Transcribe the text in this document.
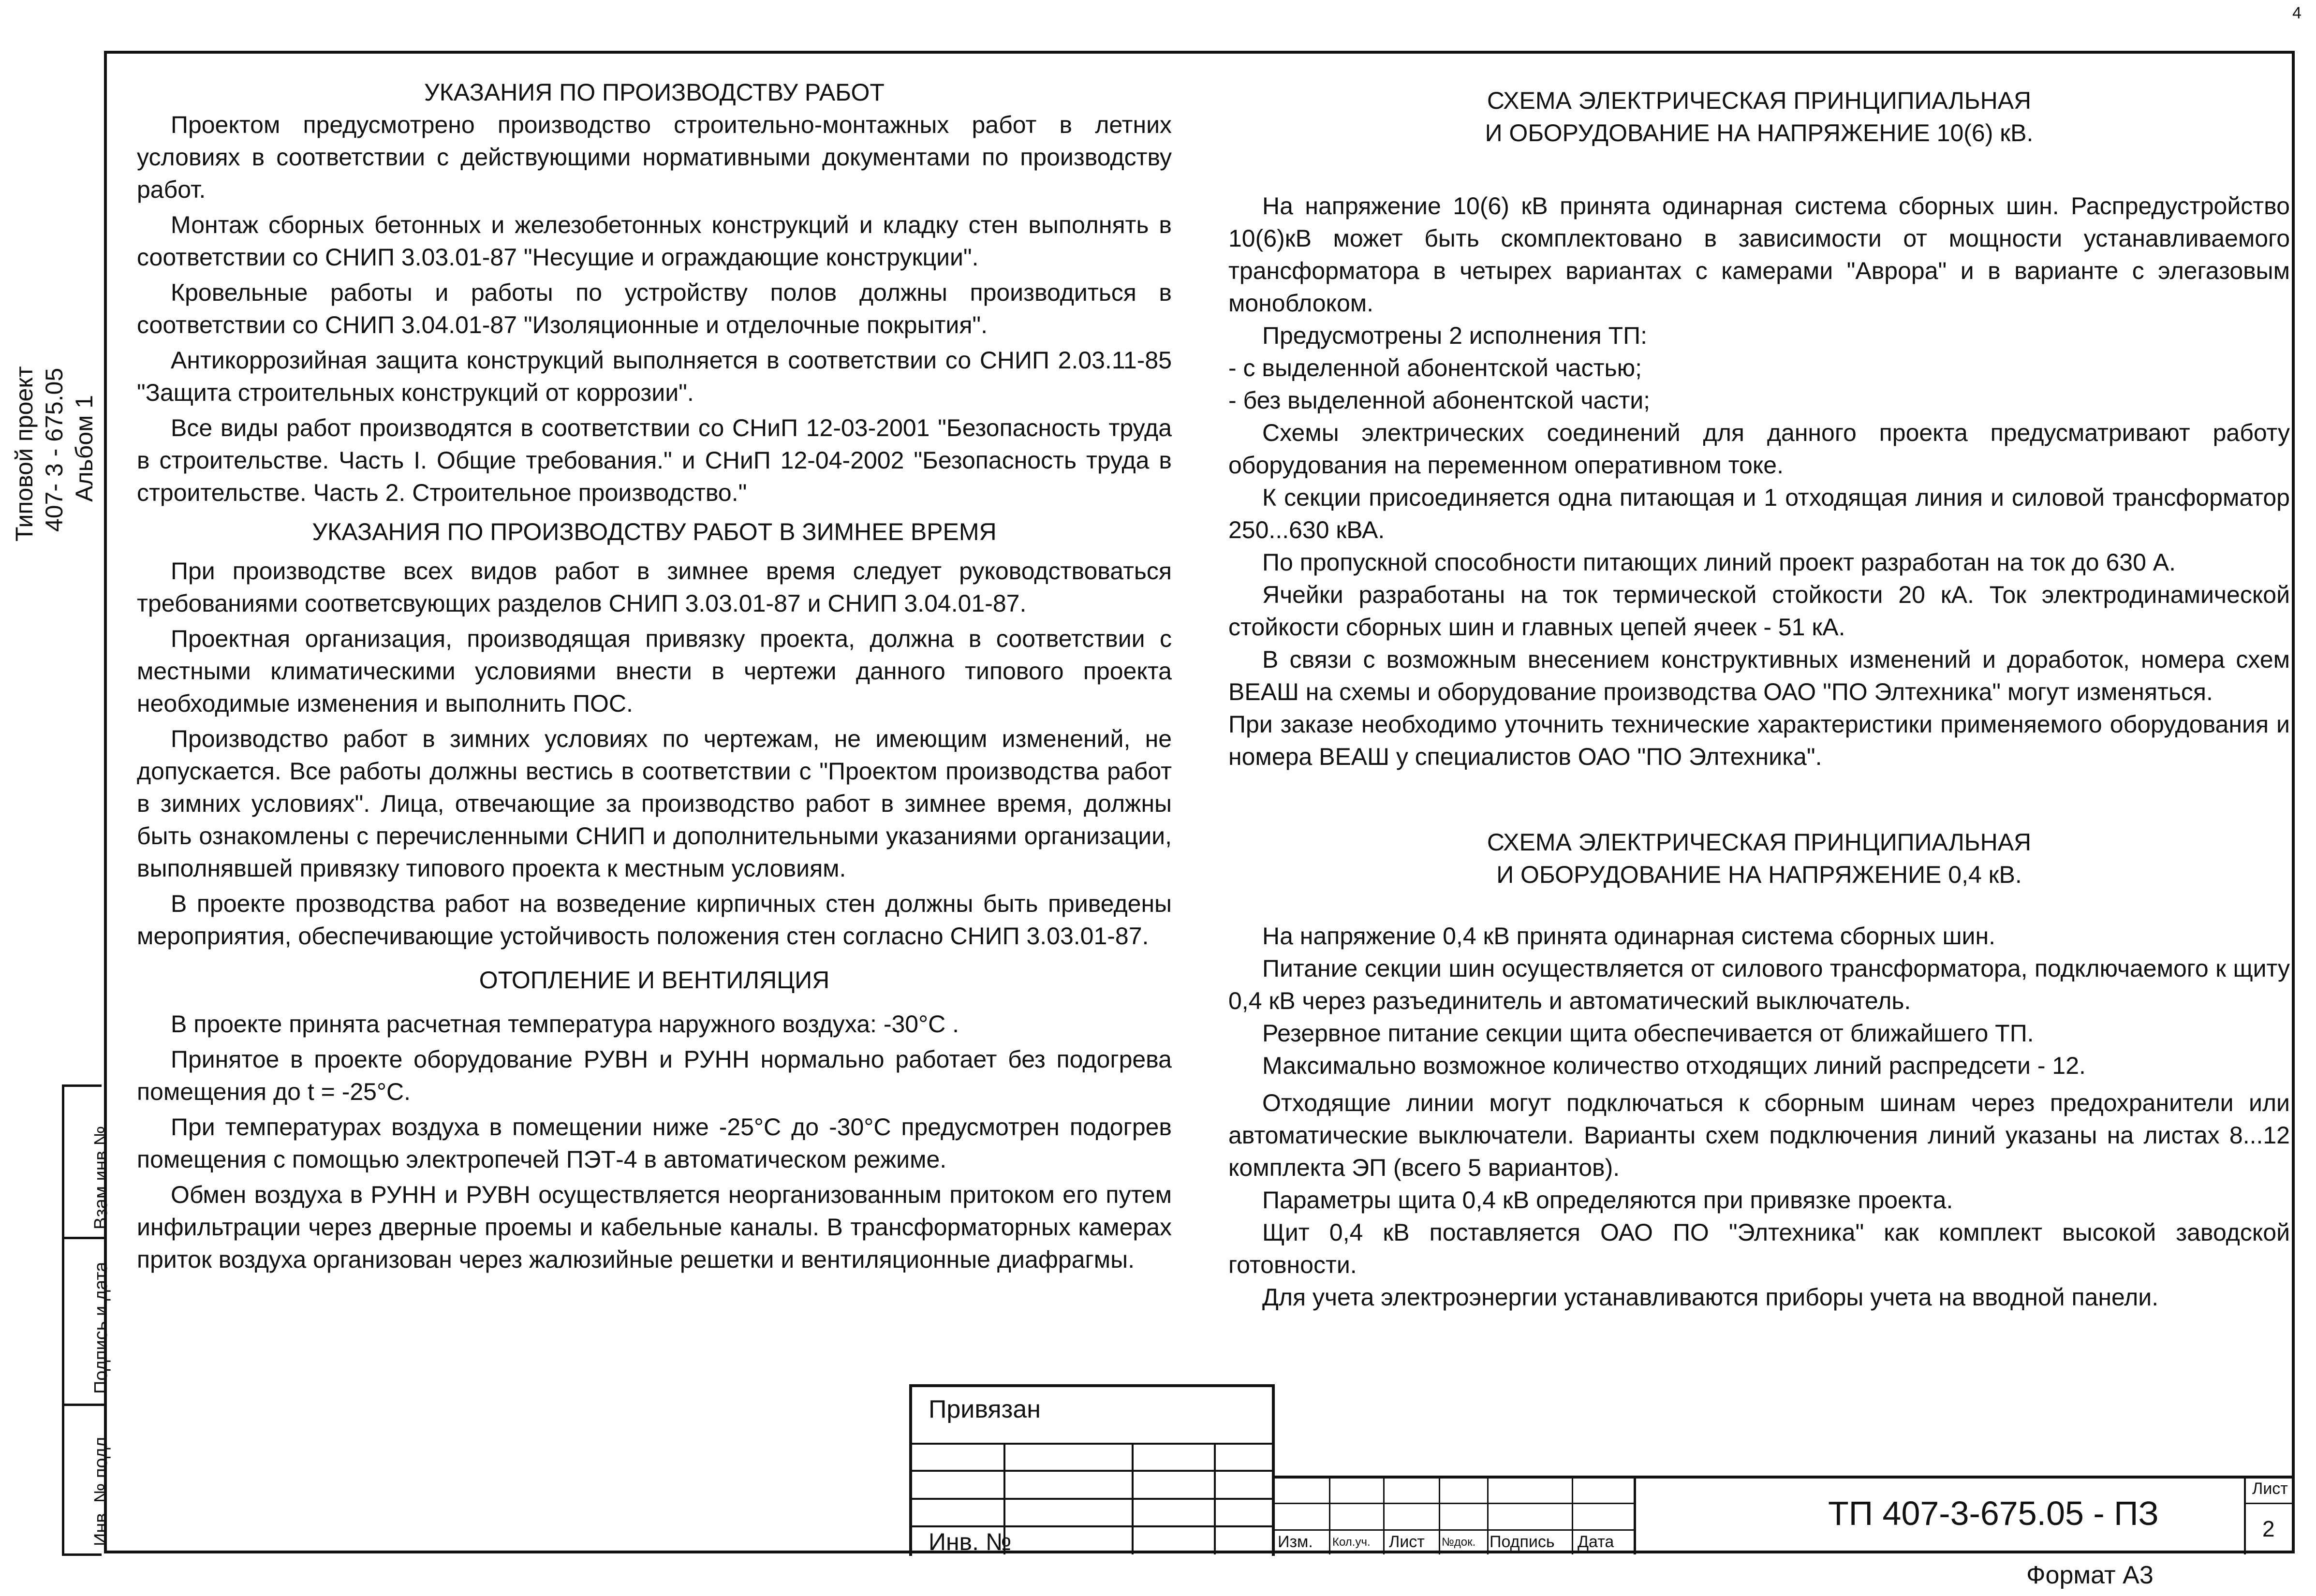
4
Типовой проект 407- 3 - 675.05 Альбом 1
Взам.инв.№
Подпись и дата
Инв. № подл.

УКАЗАНИЯ ПО ПРОИЗВОДСТВУ РАБОТ

Проектом предусмотрено производство строительно-монтажных работ в летних условиях в соответствии с действующими нормативными документами по производству работ.

Монтаж сборных бетонных и железобетонных конструкций и кладку стен выполнять в соответствии со СНИП 3.03.01-87 "Несущие и ограждающие конструкции".

Кровельные работы и работы по устройству полов должны производиться в соответствии со СНИП 3.04.01-87 "Изоляционные и отделочные покрытия".

Антикоррозийная защита конструкций выполняется в соответствии со СНИП 2.03.11-85 "Защита строительных конструкций от коррозии".

Все виды работ производятся в соответствии со СНиП 12-03-2001 "Безопасность труда в строительстве. Часть I. Общие требования." и СНиП 12-04-2002 "Безопасность труда в строительстве. Часть 2. Строительное производство."

УКАЗАНИЯ ПО ПРОИЗВОДСТВУ РАБОТ В ЗИМНЕЕ ВРЕМЯ

При производстве всех видов работ в зимнее время следует руководствоваться требованиями соответсвующих разделов СНИП 3.03.01-87 и СНИП 3.04.01-87.

Проектная организация, производящая привязку проекта, должна в соответствии с местными климатическими условиями внести в чертежи данного типового проекта необходимые изменения и выполнить ПОС.

Производство работ в зимних условиях по чертежам, не имеющим изменений, не допускается. Все работы должны вестись в соответствии с "Проектом производства работ в зимних условиях". Лица, отвечающие за производство работ в зимнее время, должны быть ознакомлены с перечисленными СНИП и дополнительными указаниями организации, выполнявшей привязку типового проекта к местным условиям.

В проекте прозводства работ на возведение кирпичных стен должны быть приведены мероприятия, обеспечивающие устойчивость положения стен согласно СНИП 3.03.01-87.

ОТОПЛЕНИЕ И ВЕНТИЛЯЦИЯ

В проекте принята расчетная температура наружного воздуха: -30°С .

Принятое в проекте оборудование РУВН и РУНН нормально работает без подогрева помещения до t = -25°С.

При температурах воздуха в помещении ниже -25°С до -30°С предусмотрен подогрев помещения с помощью электропечей ПЭТ-4 в автоматическом режиме.

Обмен воздуха в РУНН и РУВН осуществляется неорганизованным притоком его путем инфильтрации через дверные проемы и кабельные каналы. В трансформаторных камерах приток воздуха организован через жалюзийные решетки и вентиляционные диафрагмы.

СХЕМА ЭЛЕКТРИЧЕСКАЯ ПРИНЦИПИАЛЬНАЯ

И ОБОРУДОВАНИЕ НА НАПРЯЖЕНИЕ 10(6) кВ.

На напряжение 10(6) кВ принята одинарная система сборных шин. Распредустройство 10(6)кВ может быть скомплектовано в зависимости от мощности устанавливаемого трансформатора в четырех вариантах с камерами "Аврора" и в варианте с элегазовым моноблоком.

Предусмотрены 2 исполнения ТП:

- с выделенной абонентской частью;

- без выделенной абонентской части;

Схемы электрических соединений для данного проекта предусматривают работу оборудования на переменном оперативном токе.

К секции присоединяется одна питающая и 1 отходящая линия и силовой трансформатор 250...630 кВА.

По пропускной способности питающих линий проект разработан на ток до 630 А.

Ячейки разработаны на ток термической стойкости 20 кА. Ток электродинамической стойкости сборных шин и главных цепей ячеек - 51 кА.

В связи с возможным внесением конструктивных изменений и доработок, номера схем ВЕАШ на схемы и оборудование производства ОАО "ПО Элтехника" могут изменяться.

При заказе необходимо уточнить технические характеристики применяемого оборудования и номера ВЕАШ у специалистов ОАО "ПО Элтехника".

СХЕМА ЭЛЕКТРИЧЕСКАЯ ПРИНЦИПИАЛЬНАЯ

И ОБОРУДОВАНИЕ НА НАПРЯЖЕНИЕ 0,4 кВ.

На напряжение 0,4 кВ принята одинарная система сборных шин.

Питание секции шин осуществляется от силового трансформатора, подключаемого к щиту 0,4 кВ через разъединитель и автоматический выключатель.

Резервное питание секции щита обеспечивается от ближайшего ТП.

Максимально возможное количество отходящих линий распредсети - 12.

Отходящие линии могут подключаться к сборным шинам через предохранители или автоматические выключатели. Варианты схем подключения линий указаны на листах 8...12 комплекта ЭП (всего 5 вариантов).

Параметры щита 0,4 кВ определяются при привязке проекта.

Щит 0,4 кВ поставляется ОАО ПО "Элтехника" как комплект высокой заводской готовности.

Для учета электроэнергии устанавливаются приборы учета на вводной панели.

Привязан
Инв. №	Изм. Кол.уч. Лист №док. Подпись Дата
ТП 407-3-675.05 - ПЗ
Лист
2
Формат А3
